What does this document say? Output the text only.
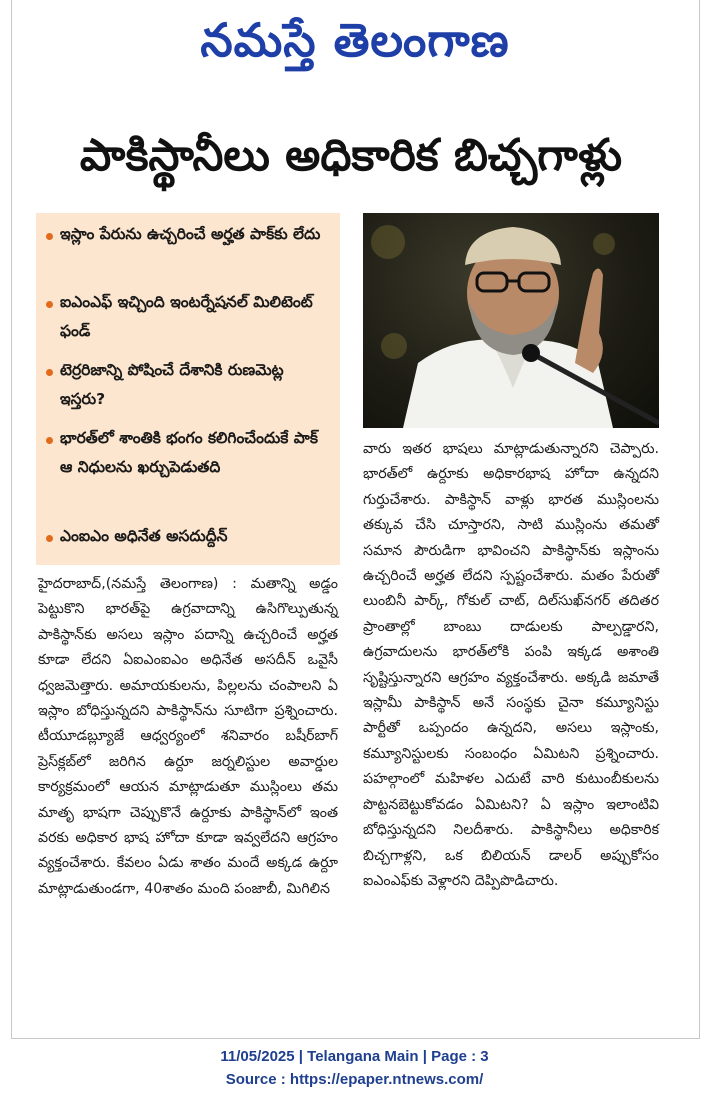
నమస్తే తెలంగాణ
పాకిస్థానీలు అధికారిక బిచ్చగాళ్లు
ఇస్లాం పేరును ఉచ్చరించే అర్హత పాక్‌కు లేదు
ఐఎంఎఫ్ ఇచ్చింది ఇంటర్నేషనల్ మిలిటెంట్ ఫండ్
టెర్రరిజాన్ని పోషించే దేశానికి రుణమెట్ల ఇస్తరు?
భారత్‌లో శాంతికి భంగం కలిగించేందుకే పాక్ ఆ నిధులను ఖర్చుపెడుతది
ఎంఐఎం అధినేత అసదుద్దీన్

హైదరాబాద్,(నమస్తే తెలంగాణ) : మతాన్ని అడ్డం పెట్టుకొని భారత్‌పై ఉగ్రవాదాన్ని ఉసిగొల్పుతున్న పాకిస్థాన్‌కు అసలు ఇస్లాం పదాన్ని ఉచ్చరించే అర్హత కూడా లేదని ఏఐఎంఐఎం అధినేత అసదీన్ ఒవైసీ ధ్వజమెత్తారు. అమాయకులను, పిల్లలను చంపాలని ఏ ఇస్లాం బోధిస్తున్నదని పాకిస్థాన్‌ను సూటిగా ప్రశ్నించారు. టీయూడబ్ల్యూజే ఆధ్వర్యంలో శనివారం బషీర్‌బాగ్ ప్రెస్‌క్లబ్‌లో జరిగిన ఉర్దూ జర్నలిస్టుల అవార్డుల కార్యక్రమంలో ఆయన మాట్లాడుతూ ముస్లింలు తమ మాతృ భాషగా చెప్పుకొనే ఉర్దూకు పాకిస్థాన్‌లో ఇంత వరకు అధికార భాష హోదా కూడా ఇవ్వలేదని ఆగ్రహం వ్యక్తంచేశారు. కేవలం ఏడు శాతం మందే అక్కడ ఉర్దూ మాట్లాడుతుండగా, 40శాతం మంది పంజాబీ, మిగిలిన

వారు ఇతర భాషలు మాట్లాడుతున్నారని చెప్పారు. భారత్‌లో ఉర్దూకు అధికారభాష హోదా ఉన్నదని గుర్తుచేశారు. పాకిస్థాన్ వాళ్లు భారత ముస్లింలను తక్కువ చేసి చూస్తారని, సాటి ముస్లింను తమతో సమాన పౌరుడిగా భావించని పాకిస్థాన్‌కు ఇస్లాంను ఉచ్చరించే అర్హత లేదని స్పష్టంచేశారు. మతం పేరుతో లుంబినీ పార్క్, గోకుల్ చాట్, దిల్‌సుఖ్‌నగర్ తదితర ప్రాంతాల్లో బాంబు దాడులకు పాల్పడ్డారని, ఉగ్రవాదులను భారత్‌లోకి పంపి ఇక్కడ అశాంతి సృష్టిస్తున్నారని ఆగ్రహం వ్యక్తంచేశారు. అక్కడి జమాతే ఇస్లామీ పాకిస్థాన్ అనే సంస్థకు చైనా కమ్యూనిస్టు పార్టీతో ఒప్పందం ఉన్నదని, అసలు ఇస్లాంకు, కమ్యూనిస్టులకు సంబంధం ఏమిటని ప్రశ్నించారు. పహల్గాంలో మహిళల ఎదుటే వారి కుటుంబీకులను పొట్టనబెట్టుకోవడం ఏమిటని? ఏ ఇస్లాం ఇలాంటివి బోధిస్తున్నదని నిలదీశారు. పాకిస్థానీలు అధికారిక బిచ్చగాళ్లని, ఒక బిలియన్ డాలర్ అప్పుకోసం ఐఎంఎఫ్‌కు వెళ్లారని దెప్పిపొడిచారు.

11/05/2025 | Telangana Main | Page : 3
Source : https://epaper.ntnews.com/
